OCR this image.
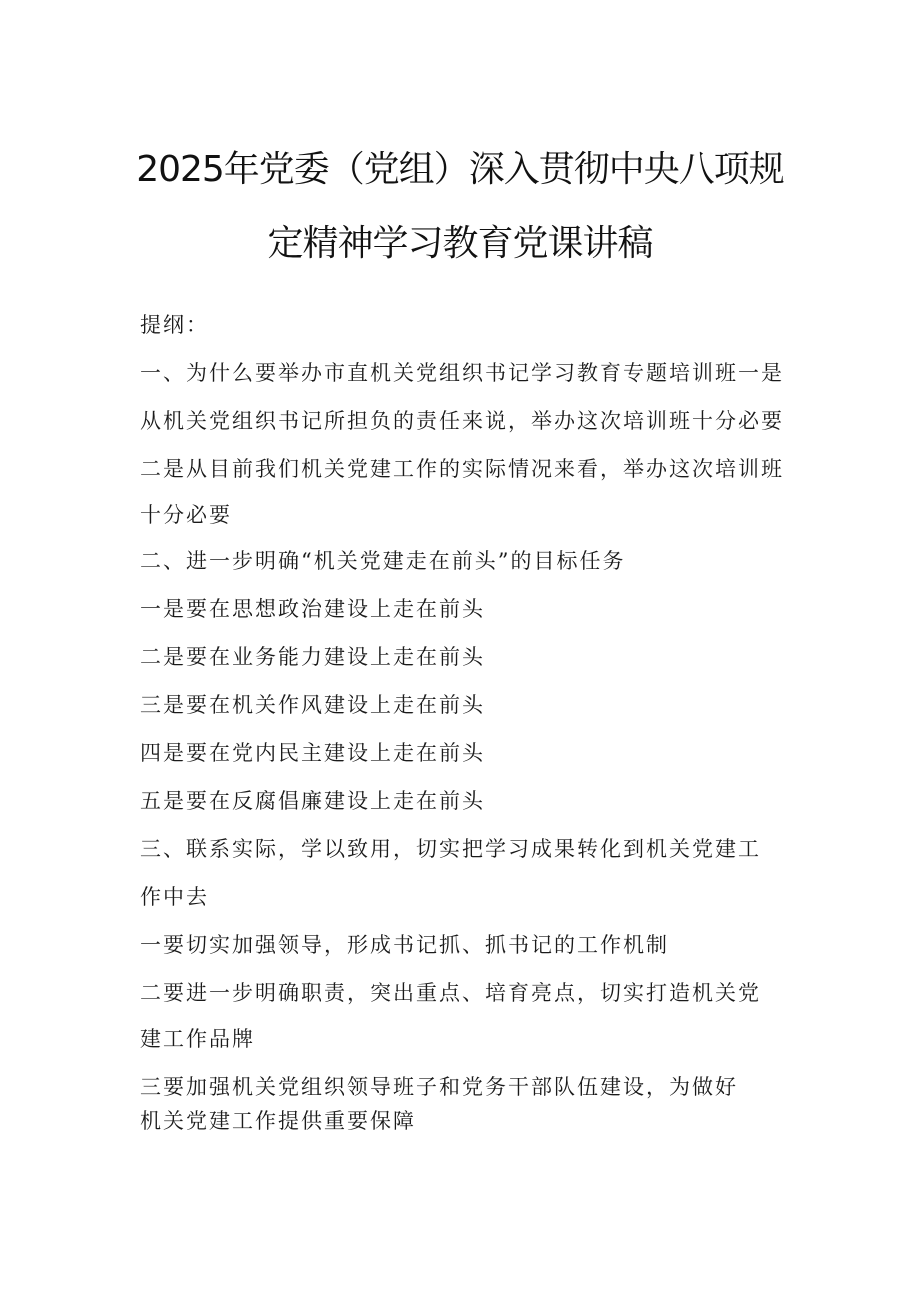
2025年党委（党组）深入贯彻中央八项规
定精神学习教育党课讲稿
提纲：
一、为什么要举办市直机关党组织书记学习教育专题培训班一是
从机关党组织书记所担负的责任来说，举办这次培训班十分必要
二是从目前我们机关党建工作的实际情况来看，举办这次培训班
十分必要
二、进一步明确“机关党建走在前头”的目标任务
一是要在思想政治建设上走在前头
二是要在业务能力建设上走在前头
三是要在机关作风建设上走在前头
四是要在党内民主建设上走在前头
五是要在反腐倡廉建设上走在前头
三、联系实际，学以致用，切实把学习成果转化到机关党建工
作中去
一要切实加强领导，形成书记抓、抓书记的工作机制
二要进一步明确职责，突出重点、培育亮点，切实打造机关党
建工作品牌
三要加强机关党组织领导班子和党务干部队伍建设，为做好
机关党建工作提供重要保障
